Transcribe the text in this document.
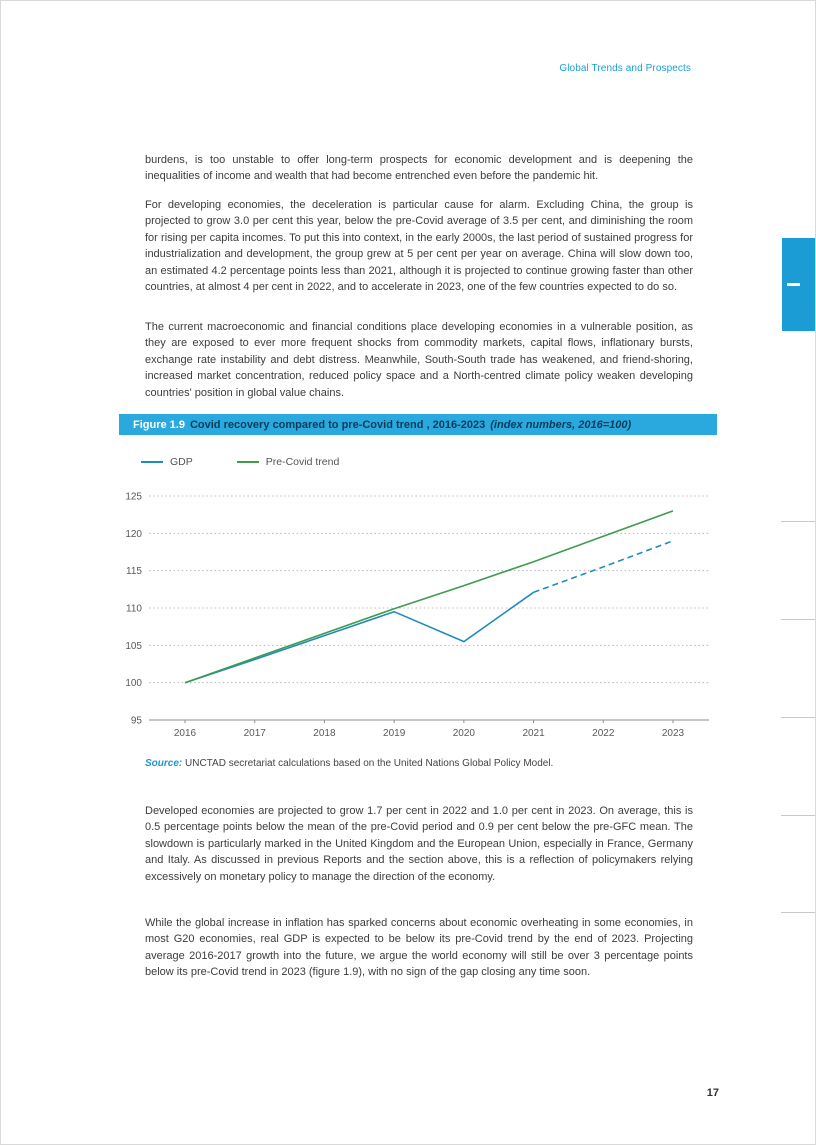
Global Trends and Prospects

burdens, is too unstable to offer long-term prospects for economic development and is deepening the inequalities of income and wealth that had become entrenched even before the pandemic hit.

For developing economies, the deceleration is particular cause for alarm. Excluding China, the group is projected to grow 3.0 per cent this year, below the pre-Covid average of 3.5 per cent, and diminishing the room for rising per capita incomes. To put this into context, in the early 2000s, the last period of sustained progress for industrialization and development, the group grew at 5 per cent per year on average. China will slow down too, an estimated 4.2 percentage points less than 2021, although it is projected to continue growing faster than other countries, at almost 4 per cent in 2022, and to accelerate in 2023, one of the few countries expected to do so.

The current macroeconomic and financial conditions place developing economies in a vulnerable position, as they are exposed to ever more frequent shocks from commodity markets, capital flows, inflationary bursts, exchange rate instability and debt distress. Meanwhile, South-South trade has weakened, and friend-shoring, increased market concentration, reduced policy space and a North-centred climate policy weaken developing countries' position in global value chains.

Figure 1.9 Covid recovery compared to pre-Covid trend , 2016-2023 (index numbers, 2016=100)
GDP	Pre-Covid trend
95
100
105
110
115
120
125
2016	2017	2018	2019	2020	2021	2022	2023
Source: UNCTAD secretariat calculations based on the United Nations Global Policy Model.

Developed economies are projected to grow 1.7 per cent in 2022 and 1.0 per cent in 2023. On average, this is 0.5 percentage points below the mean of the pre-Covid period and 0.9 per cent below the pre-GFC mean. The slowdown is particularly marked in the United Kingdom and the European Union, especially in France, Germany and Italy. As discussed in previous Reports and the section above, this is a reflection of policymakers relying excessively on monetary policy to manage the direction of the economy.

While the global increase in inflation has sparked concerns about economic overheating in some economies, in most G20 economies, real GDP is expected to be below its pre-Covid trend by the end of 2023. Projecting average 2016-2017 growth into the future, we argue the world economy will still be over 3 percentage points below its pre-Covid trend in 2023 (figure 1.9), with no sign of the gap closing any time soon.

17
